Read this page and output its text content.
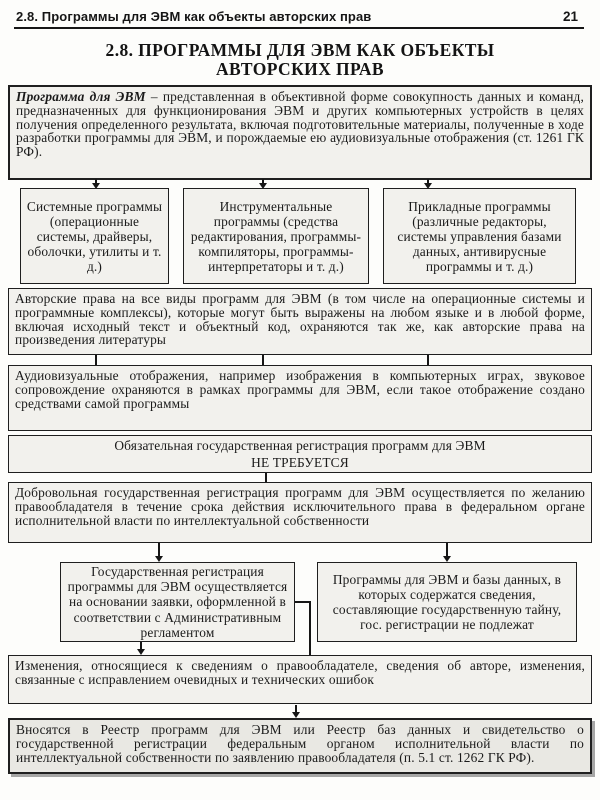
2.8. Программы для ЭВМ как объекты авторских прав	21
2.8. ПРОГРАММЫ ДЛЯ ЭВМ КАК ОБЪЕКТЫ
АВТОРСКИХ ПРАВ
Программа для ЭВМ – представленная в объективной форме совокупность данных и команд, предназначенных для функционирования ЭВМ и других компьютерных устройств в целях получения определенного результата, включая подготовительные материалы, полученные в ходе разработки программы для ЭВМ, и порождаемые ею аудиовизуальные отображения (ст. 1261 ГК РФ).
Системные программы (операционные системы, драйверы, оболочки, утилиты и т. д.)
Инструментальные программы (средства редактирования, программы-компиляторы, программы-интерпретаторы и т. д.)
Прикладные программы (различные редакторы, системы управления базами данных, антивирусные программы и т. д.)
Авторские права на все виды программ для ЭВМ (в том числе на операционные системы и программные комплексы), которые могут быть выражены на любом языке и в любой форме, включая исходный текст и объектный код, охраняются так же, как авторские права на произведения литературы
Аудиовизуальные отображения, например изображения в компьютерных играх, звуковое сопровождение охраняются в рамках программы для ЭВМ, если такое отображение создано средствами самой программы
Обязательная государственная регистрация программ для ЭВМ
НЕ ТРЕБУЕТСЯ
Добровольная государственная регистрация программ для ЭВМ осуществляется по желанию правообладателя в течение срока действия исключительного права в федеральном органе исполнительной власти по интеллектуальной собственности
Государственная регистрация программы для ЭВМ осуществляется на основании заявки, оформленной в соответствии с Административным регламентом
Программы для ЭВМ и базы данных, в которых содержатся сведения, составляющие государственную тайну, гос. регистрации не подлежат
Изменения, относящиеся к сведениям о правообладателе, сведения об авторе, изменения, связанные с исправлением очевидных и технических ошибок
Вносятся в Реестр программ для ЭВМ или Реестр баз данных и свидетельство о государственной регистрации федеральным органом исполнительной власти по интеллектуальной собственности по заявлению правообладателя (п. 5.1 ст. 1262 ГК РФ).
